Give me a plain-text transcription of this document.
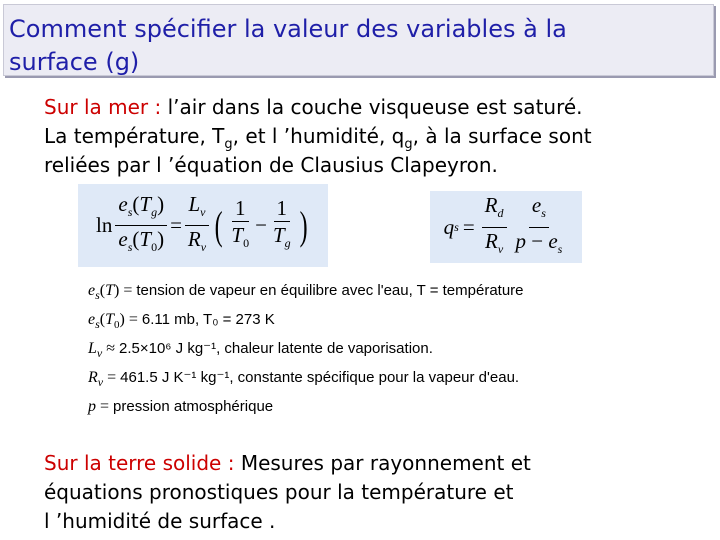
Comment spécifier la valeur des variables à la surface (g)
Sur la mer : l’air dans la couche visqueuse est saturé.
La température, $T_g$, et l ’humidité, $q_g$, à la surface sont
reliées par l ’équation de Clausius Clapeyron.
$\ln \frac{e_s(T_g)}{e_s(T_0)} = \frac{L_v}{R_v}$ ( $\frac{1}{T_0} - \frac{1}{T_g}$ )	q $s = \frac{R_d}{R_v} \frac{e_s}{p - e_s}$
$e_s(T)$ = tension de vapeur en équilibre avec l'eau, T = température
$e_s(T_0) = 6.11$ mb, T₀ = 273 K
$L_v \approx 2.5\times 10^6$ J kg⁻¹, chaleur latente de vaporisation.
$R_v = 461.5$ J K⁻¹ kg⁻¹, constante spécifique pour la vapeur d'eau.
p = pression atmosphérique
Sur la terre solide : Mesures par rayonnement et
équations pronostiques pour la température et
l ’humidité de surface .
